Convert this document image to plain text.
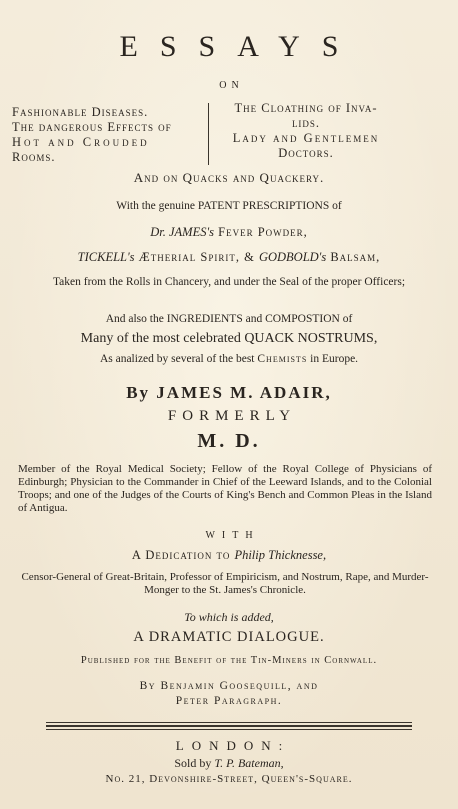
ESSAYS
ON
Fashionable Diseases.
The dangerous Effects of
Hot and Crouded
Rooms.
The Cloathing of Inva-
lids.
Lady and Gentlemen
Doctors.
And on Quacks and Quackery.
With the genuine PATENT PRESCRIPTIONS of
Dr. JAMES's Fever Powder,
TICKELL's Ætherial Spirit, & GODBOLD's Balsam,
Taken from the Rolls in Chancery, and under the Seal of the proper Officers;
And also the INGREDIENTS and COMPOSTION of
Many of the most celebrated QUACK NOSTRUMS,
As analized by several of the best Chemists in Europe.
By JAMES M. ADAIR,
FORMERLY
M. D.
Member of the Royal Medical Society; Fellow of the Royal College of Physicians of Edinburgh; Physician to the Commander in Chief of the Leeward Islands, and to the Colonial Troops; and one of the Judges of the Courts of King's Bench and Common Pleas in the Island of Antigua.
WITH
A Dedication to Philip Thicknesse,
Censor-General of Great-Britain, Professor of Empiricism, and Nostrum, Rape, and Murder-Monger to the St. James's Chronicle.
To which is added,
A DRAMATIC DIALOGUE.
Published for the Benefit of the Tin-Miners in Cornwall.
By Benjamin Goosequill, and
Peter Paragraph.
LONDON:
Sold by T. P. Bateman,
No. 21, Devonshire-Street, Queen's-Square.
